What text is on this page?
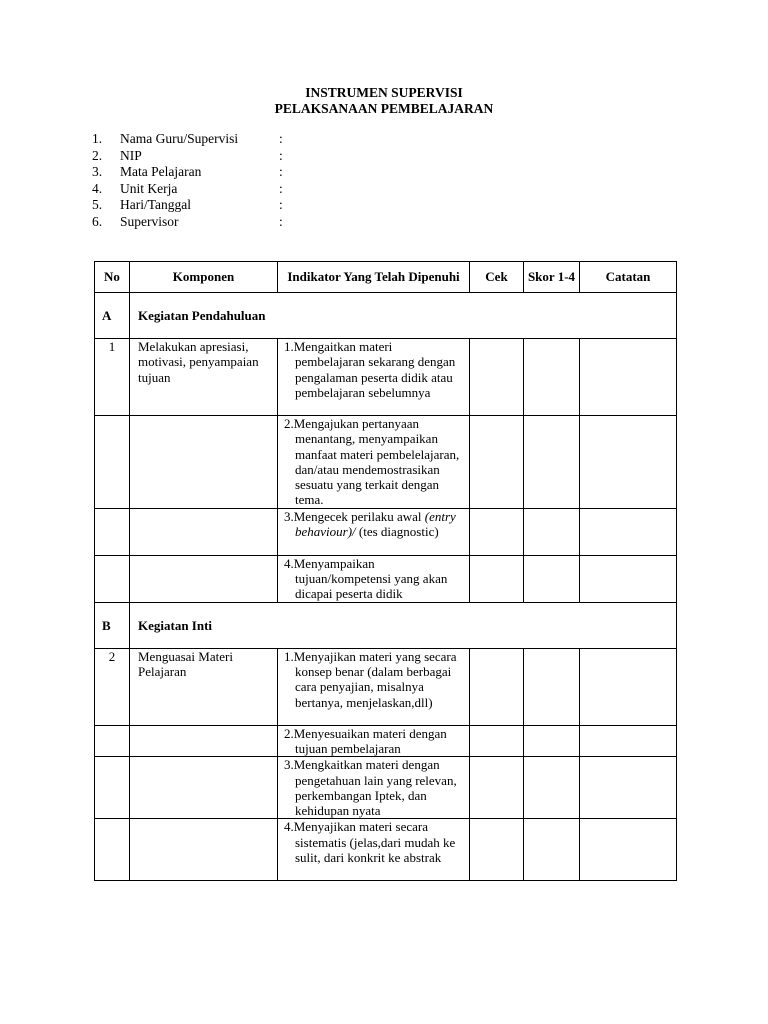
INSTRUMEN SUPERVISI
PELAKSANAAN PEMBELAJARAN
1. Nama Guru/Supervisi	:
2. NIP	:
3. Mata Pelajaran	:
4. Unit Kerja	:
5. Hari/Tanggal	:
6. Supervisor	:
No	Komponen	Indikator Yang Telah Dipenuhi	Cek	Skor 1-4	Catatan
A	Kegiatan Pendahuluan				
1	Melakukan apresiasi, motivasi, penyampaian tujuan	1.Mengaitkan materi pembelajaran sekarang dengan pengalaman peserta didik atau pembelajaran sebelumnya			

		2.Mengajukan pertanyaan menantang, menyampaikan manfaat materi pembelelajaran, dan/atau mendemostrasikan sesuatu yang terkait dengan tema.			

		3.Mengecek perilaku awal (entry behaviour)/ (tes diagnostic)			

		4.Menyampaikan tujuan/kompetensi yang akan dicapai peserta didik			

B	Kegiatan Inti				
2	Menguasai Materi Pelajaran	1.Menyajikan materi yang secara konsep benar (dalam berbagai cara penyajian, misalnya bertanya, menjelaskan,dll)			

		2.Menyesuaikan materi dengan tujuan pembelajaran			

		3.Mengkaitkan materi dengan pengetahuan lain yang relevan, perkembangan Iptek, dan kehidupan nyata			

		4.Menyajikan materi secara sistematis (jelas,dari mudah ke sulit, dari konkrit ke abstrak			
